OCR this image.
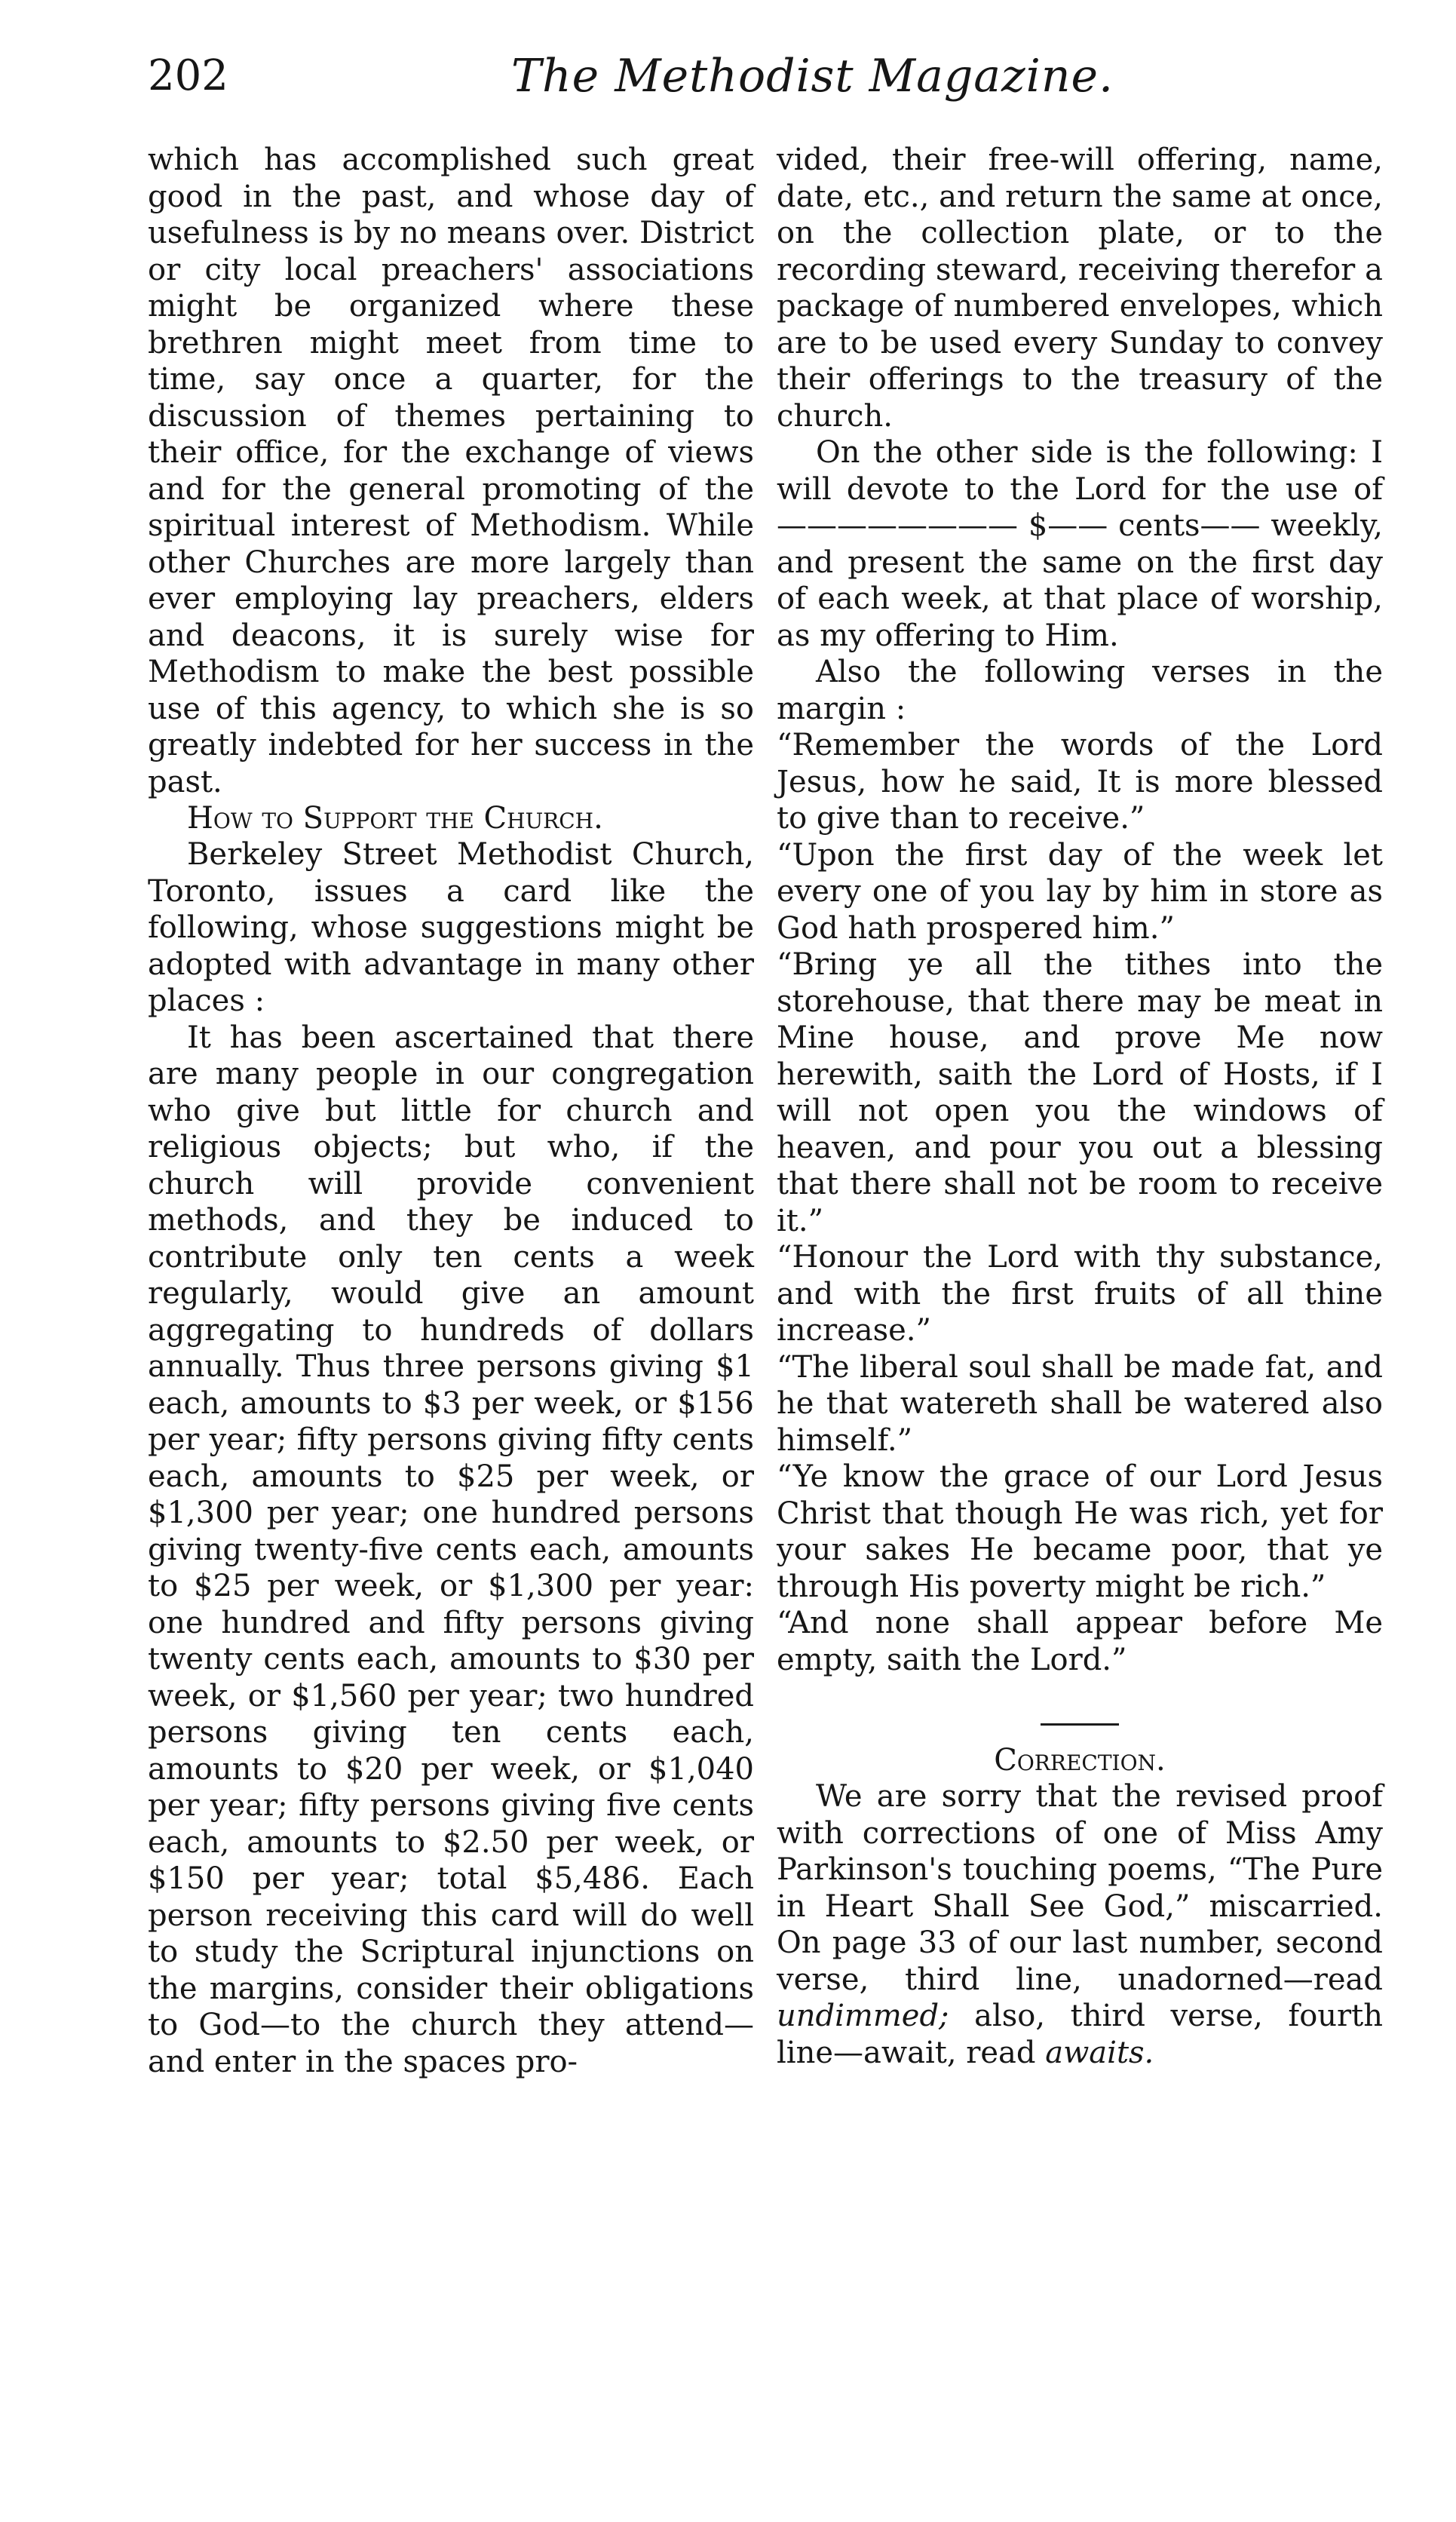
202	The Methodist Magazine.

which has accomplished such great good in the past, and whose day of usefulness is by no means over. District or city local preachers' associations might be organized where these brethren might meet from time to time, say once a quarter, for the discussion of themes pertaining to their office, for the exchange of views and for the general promoting of the spiritual interest of Methodism. While other Churches are more largely than ever employing lay preachers, elders and deacons, it is surely wise for Methodism to make the best possible use of this agency, to which she is so greatly indebted for her success in the past.

How to Support the Church.

Berkeley Street Methodist Church, Toronto, issues a card like the following, whose suggestions might be adopted with advantage in many other places :

It has been ascertained that there are many people in our congregation who give but little for church and religious objects; but who, if the church will provide convenient methods, and they be induced to contribute only ten cents a week regularly, would give an amount aggregating to hundreds of dollars annually. Thus three persons giving $1 each, amounts to $3 per week, or $156 per year; fifty persons giving fifty cents each, amounts to $25 per week, or $1,300 per year; one hundred persons giving twenty-five cents each, amounts to $25 per week, or $1,300 per year: one hundred and fifty persons giving twenty cents each, amounts to $30 per week, or $1,560 per year; two hundred persons giving ten cents each, amounts to $20 per week, or $1,040 per year; fifty persons giving five cents each, amounts to $2.50 per week, or $150 per year; total $5,486. Each person receiving this card will do well to study the Scriptural injunctions on the margins, consider their obligations to God—to the church they attend—and enter in the spaces pro-

vided, their free-will offering, name, date, etc., and return the same at once, on the collection plate, or to the recording steward, receiving therefor a package of numbered envelopes, which are to be used every Sunday to convey their offerings to the treasury of the church.

On the other side is the following: I will devote to the Lord for the use of ———————— $—— cents—— weekly, and present the same on the first day of each week, at that place of worship, as my offering to Him.

Also the following verses in the margin :

“Remember the words of the Lord Jesus, how he said, It is more blessed to give than to receive.”

“Upon the first day of the week let every one of you lay by him in store as God hath prospered him.”

“Bring ye all the tithes into the storehouse, that there may be meat in Mine house, and prove Me now herewith, saith the Lord of Hosts, if I will not open you the windows of heaven, and pour you out a blessing that there shall not be room to receive it.”

“Honour the Lord with thy substance, and with the first fruits of all thine increase.”

“The liberal soul shall be made fat, and he that watereth shall be watered also himself.”

“Ye know the grace of our Lord Jesus Christ that though He was rich, yet for your sakes He became poor, that ye through His poverty might be rich.”

“And none shall appear before Me empty, saith the Lord.”

Correction.

We are sorry that the revised proof with corrections of one of Miss Amy Parkinson's touching poems, “The Pure in Heart Shall See God,” miscarried. On page 33 of our last number, second verse, third line, unadorned—read undimmed; also, third verse, fourth line—await, read awaits.
